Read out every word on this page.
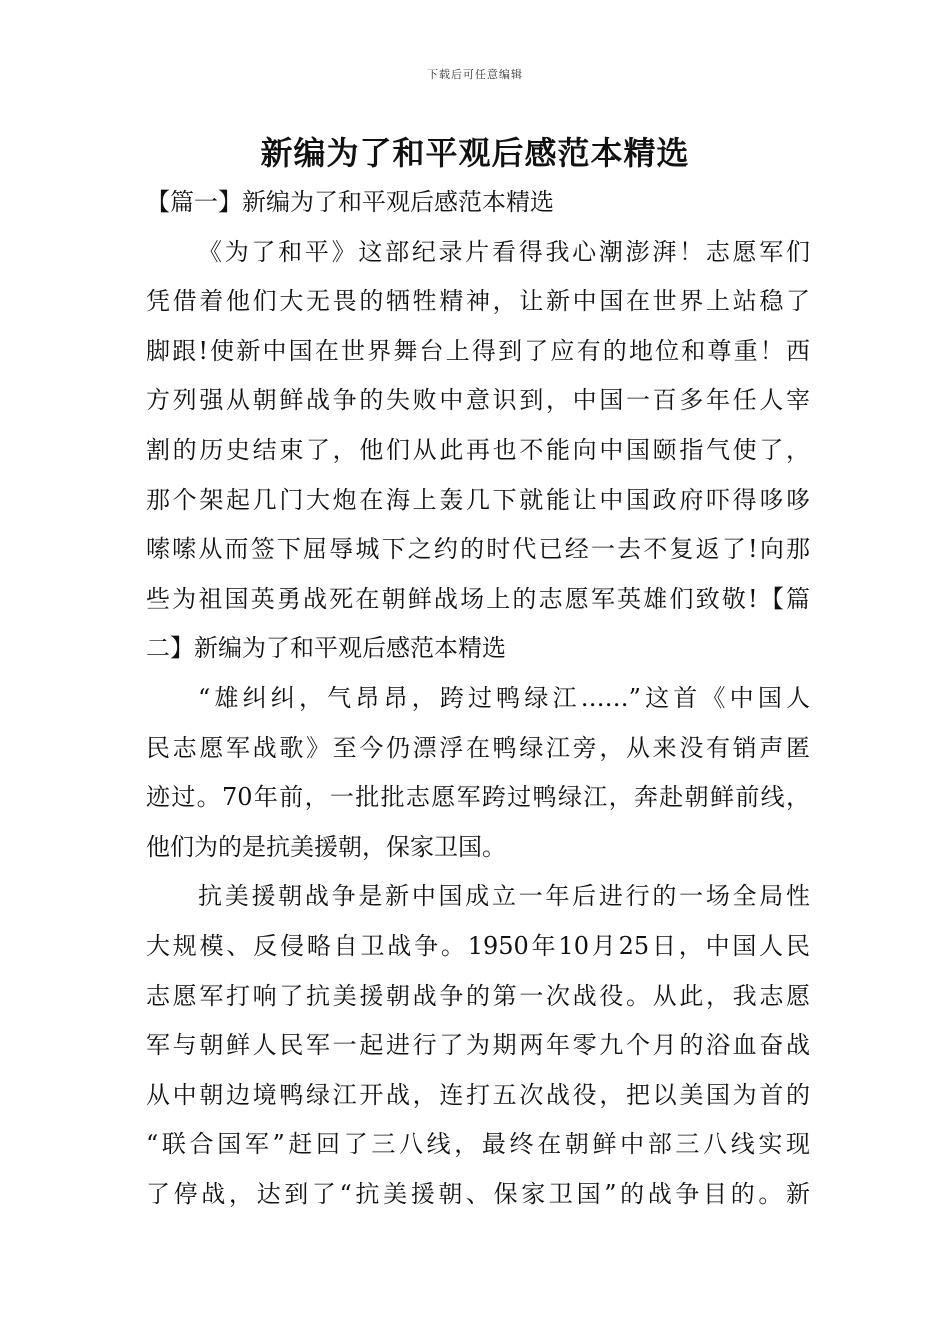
下载后可任意编辑
新编为了和平观后感范本精选
【篇一】新编为了和平观后感范本精选
《为了和平》这部纪录片看得我心潮澎湃！志愿军们
凭借着他们大无畏的牺牲精神，让新中国在世界上站稳了
脚跟!使新中国在世界舞台上得到了应有的地位和尊重！西
方列强从朝鲜战争的失败中意识到，中国一百多年任人宰
割的历史结束了，他们从此再也不能向中国颐指气使了，
那个架起几门大炮在海上轰几下就能让中国政府吓得哆哆
嗦嗦从而签下屈辱城下之约的时代已经一去不复返了!向那
些为祖国英勇战死在朝鲜战场上的志愿军英雄们致敬!【篇
二】新编为了和平观后感范本精选
“雄纠纠，气昂昂，跨过鸭绿江……”这首《中国人
民志愿军战歌》至今仍漂浮在鸭绿江旁，从来没有销声匿
迹过。70年前，一批批志愿军跨过鸭绿江，奔赴朝鲜前线，
他们为的是抗美援朝，保家卫国。
抗美援朝战争是新中国成立一年后进行的一场全局性
大规模、反侵略自卫战争。1950年10月25日，中国人民
志愿军打响了抗美援朝战争的第一次战役。从此，我志愿
军与朝鲜人民军一起进行了为期两年零九个月的浴血奋战
从中朝边境鸭绿江开战，连打五次战役，把以美国为首的
“联合国军”赶回了三八线，最终在朝鲜中部三八线实现
了停战，达到了“抗美援朝、保家卫国”的战争目的。新
